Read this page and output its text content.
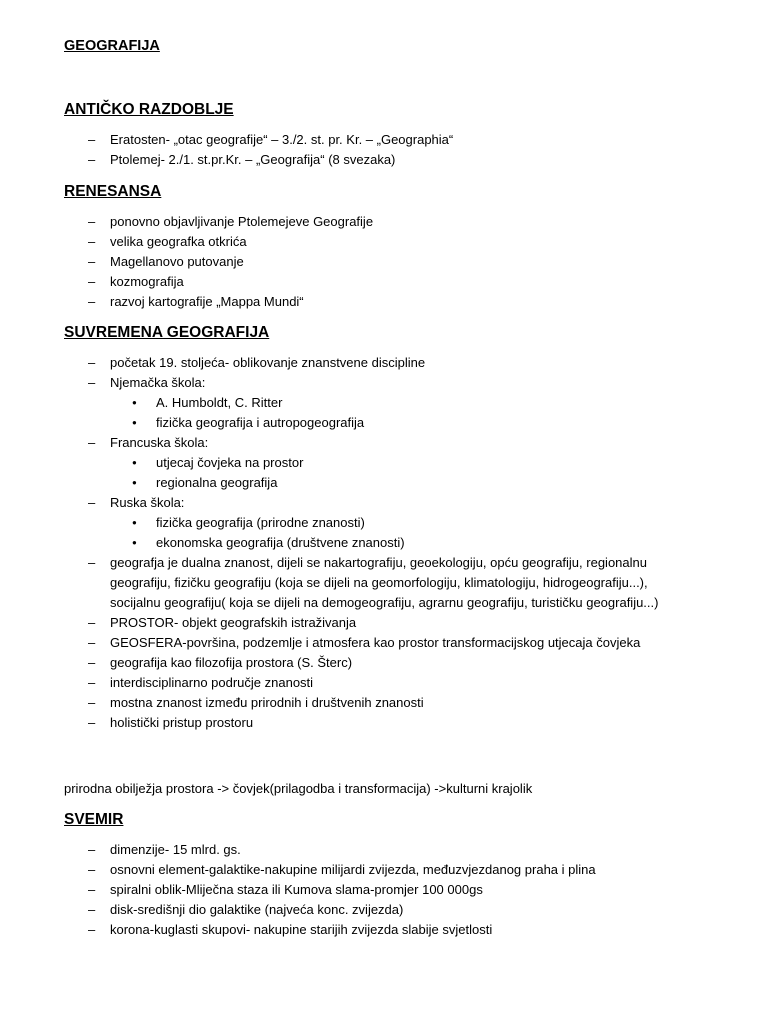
GEOGRAFIJA
ANTIČKO RAZDOBLJE
– Eratosten- „otac geografije“ – 3./2. st. pr. Kr. – „Geographia“
– Ptolemej- 2./1. st.pr.Kr. – „Geografija“ (8 svezaka)
RENESANSA
– ponovno objavljivanje Ptolemejeve Geografije
– velika geografka otkrića
– Magellanovo putovanje
– kozmografija
– razvoj kartografije „Mappa Mundi“
SUVREMENA GEOGRAFIJA
– početak 19. stoljeća- oblikovanje znanstvene discipline
– Njemačka škola:
● A. Humboldt, C. Ritter
● fizička geografija i autropogeografija
– Francuska škola:
● utjecaj čovjeka na prostor
● regionalna geografija
– Ruska škola:
● fizička geografija (prirodne znanosti)
● ekonomska geografija (društvene znanosti)
– geografja je dualna znanost, dijeli se nakartografiju, geoekologiju, opću geografiju, regionalnu geografiju, fizičku geografiju (koja se dijeli na geomorfologiju, klimatologiju, hidrogeografiju...), socijalnu geografiju( koja se dijeli na demogeografiju, agrarnu geografiju, turističku geografiju...)
– PROSTOR- objekt geografskih istraživanja
– GEOSFERA-površina, podzemlje i atmosfera kao prostor transformacijskog utjecaja čovjeka
– geografija kao filozofija prostora (S. Šterc)
– interdisciplinarno područje znanosti
– mostna znanost između prirodnih i društvenih znanosti
– holistički pristup prostoru
prirodna obilježja prostora -> čovjek(prilagodba i transformacija) ->kulturni krajolik
SVEMIR
– dimenzije- 15 mlrd. gs.
– osnovni element-galaktike-nakupine milijardi zvijezda, međuzvjezdanog praha i plina
– spiralni oblik-Mliječna staza ili Kumova slama-promjer 100 000gs
– disk-središnji dio galaktike (najveća konc. zvijezda)
– korona-kuglasti skupovi- nakupine starijih zvijezda slabije svjetlosti
